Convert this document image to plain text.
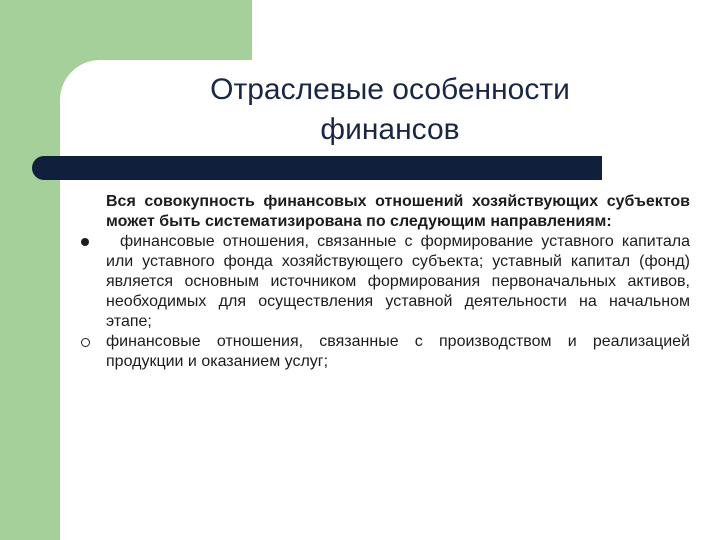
Отраслевые особенности
финансов

Вся совокупность финансовых отношений хозяйствующих субъектов может быть систематизирована по следующим направлениям:

финансовые отношения, связанные с формирование уставного капитала или уставного фонда хозяйствующего субъекта; уставный капитал (фонд) является основным источником формирования первоначальных активов, необходимых для осуществления уставной деятельности на начальном этапе;
финансовые отношения, связанные с производством и реализацией продукции и оказанием услуг;
